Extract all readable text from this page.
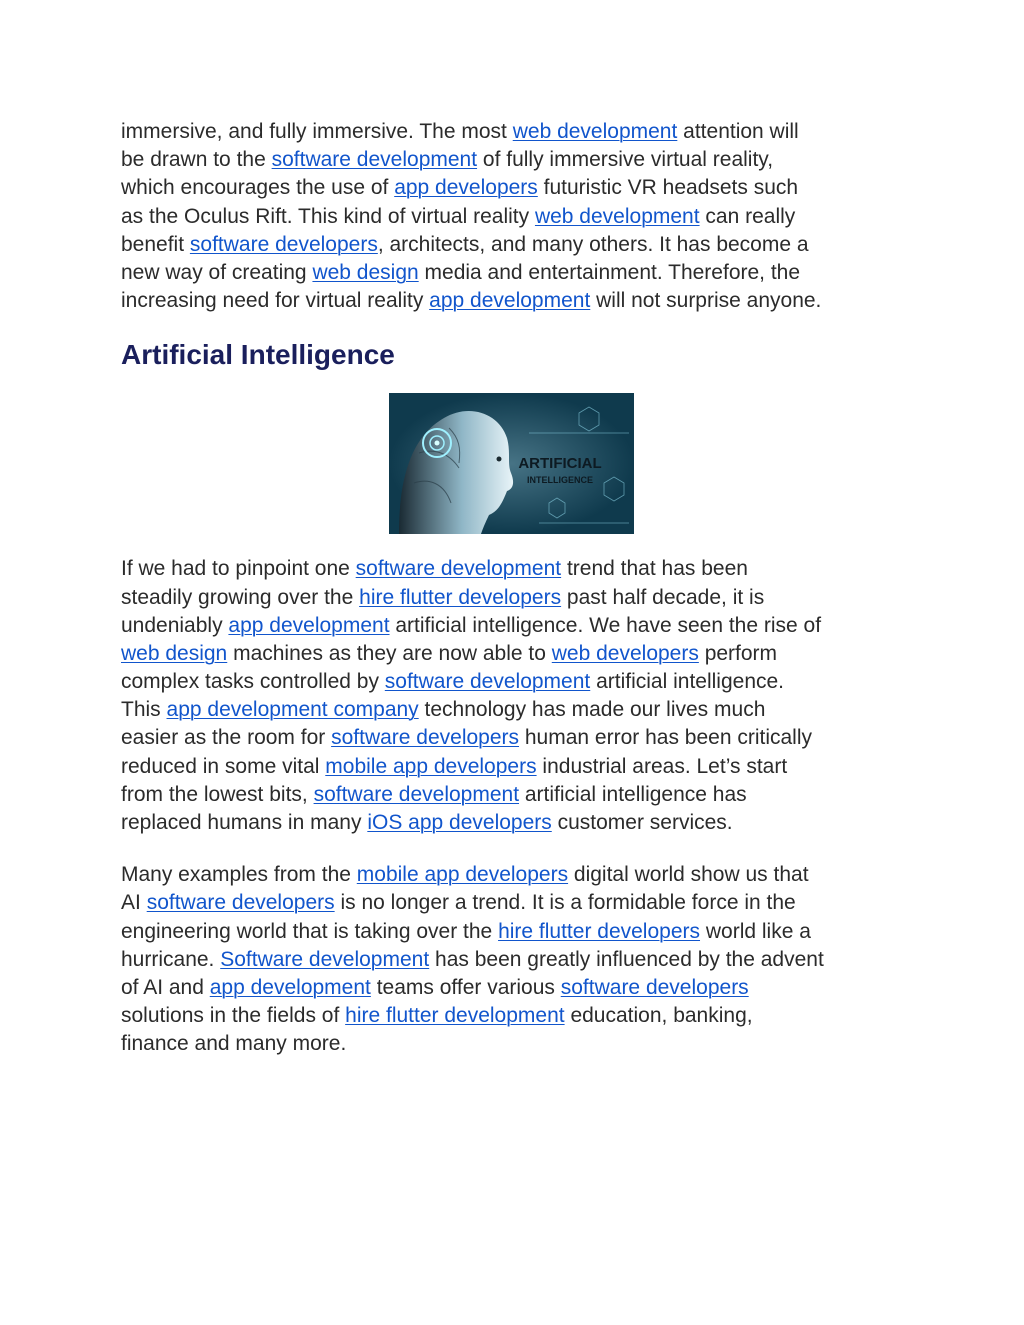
immersive, and fully immersive. The most web development attention will
be drawn to the software development of fully immersive virtual reality,
which encourages the use of app developers futuristic VR headsets such
as the Oculus Rift. This kind of virtual reality web development can really
benefit software developers, architects, and many others. It has become a
new way of creating web design media and entertainment. Therefore, the
increasing need for virtual reality app development will not surprise anyone.
Artificial Intelligence
ARTIFICIAL
INTELLIGENCE
If we had to pinpoint one software development trend that has been
steadily growing over the hire flutter developers past half decade, it is
undeniably app development artificial intelligence. We have seen the rise of
web design machines as they are now able to web developers perform
complex tasks controlled by software development artificial intelligence.
This app development company technology has made our lives much
easier as the room for software developers human error has been critically
reduced in some vital mobile app developers industrial areas. Let’s start
from the lowest bits, software development artificial intelligence has
replaced humans in many iOS app developers customer services.
Many examples from the mobile app developers digital world show us that
AI software developers is no longer a trend. It is a formidable force in the
engineering world that is taking over the hire flutter developers world like a
hurricane. Software development has been greatly influenced by the advent
of AI and app development teams offer various software developers
solutions in the fields of hire flutter development education, banking,
finance and many more.
